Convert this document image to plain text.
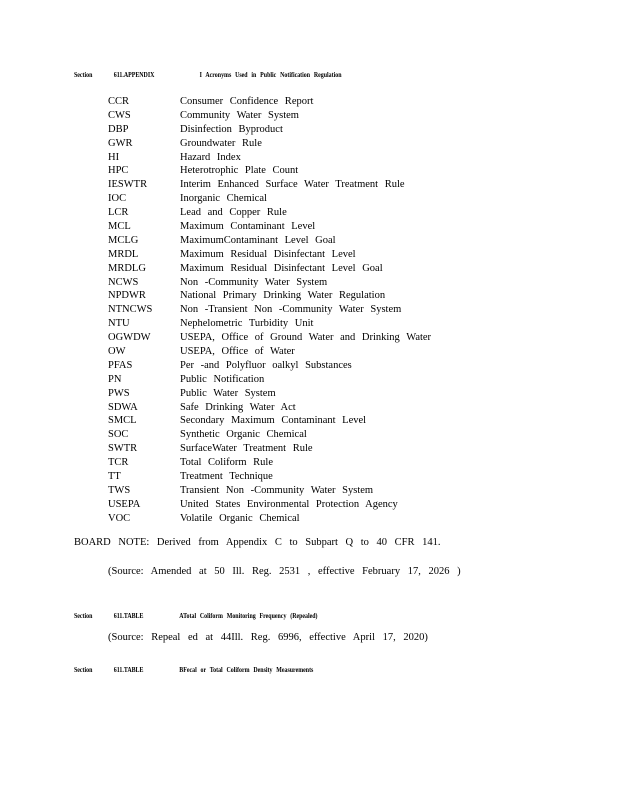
Section	611.APPENDIX	I Acronyms Used in Public Notification Regulation
CCR	Consumer Confidence Report
CWS	Community Water System
DBP	Disinfection Byproduct
GWR	Groundwater Rule
HI	Hazard Index
HPC	Heterotrophic Plate Count
IESWTR	Interim Enhanced Surface Water Treatment Rule
IOC	Inorganic Chemical
LCR	Lead and Copper Rule
MCL	Maximum Contaminant Level
MCLG	MaximumContaminant Level Goal
MRDL	Maximum Residual Disinfectant Level
MRDLG	Maximum Residual Disinfectant Level Goal
NCWS	Non -Community Water System
NPDWR	National Primary Drinking Water Regulation
NTNCWS	Non -Transient Non -Community Water System
NTU	Nephelometric Turbidity Unit
OGWDW	USEPA, Office of Ground Water and Drinking Water
OW	USEPA, Office of Water
PFAS	Per -and Polyfluor oalkyl Substances
PN	Public Notification
PWS	Public Water System
SDWA	Safe Drinking Water Act
SMCL	Secondary Maximum Contaminant Level
SOC	Synthetic Organic Chemical
SWTR	SurfaceWater Treatment Rule
TCR	Total Coliform Rule
TT	Treatment Technique
TWS	Transient Non -Community Water System
USEPA	United States Environmental Protection Agency
VOC	Volatile Organic Chemical
BOARD NOTE: Derived from Appendix C to Subpart Q to 40 CFR 141.
(Source: Amended at 50 Ill. Reg. 2531 , effective February 17, 2026 )
Section	611.TABLE	ATotal Coliform Monitoring Frequency (Repealed)
(Source: Repeal ed at 44Ill. Reg. 6996, effective April 17, 2020)
Section	611.TABLE	BFecal or Total Coliform Density Measurements
